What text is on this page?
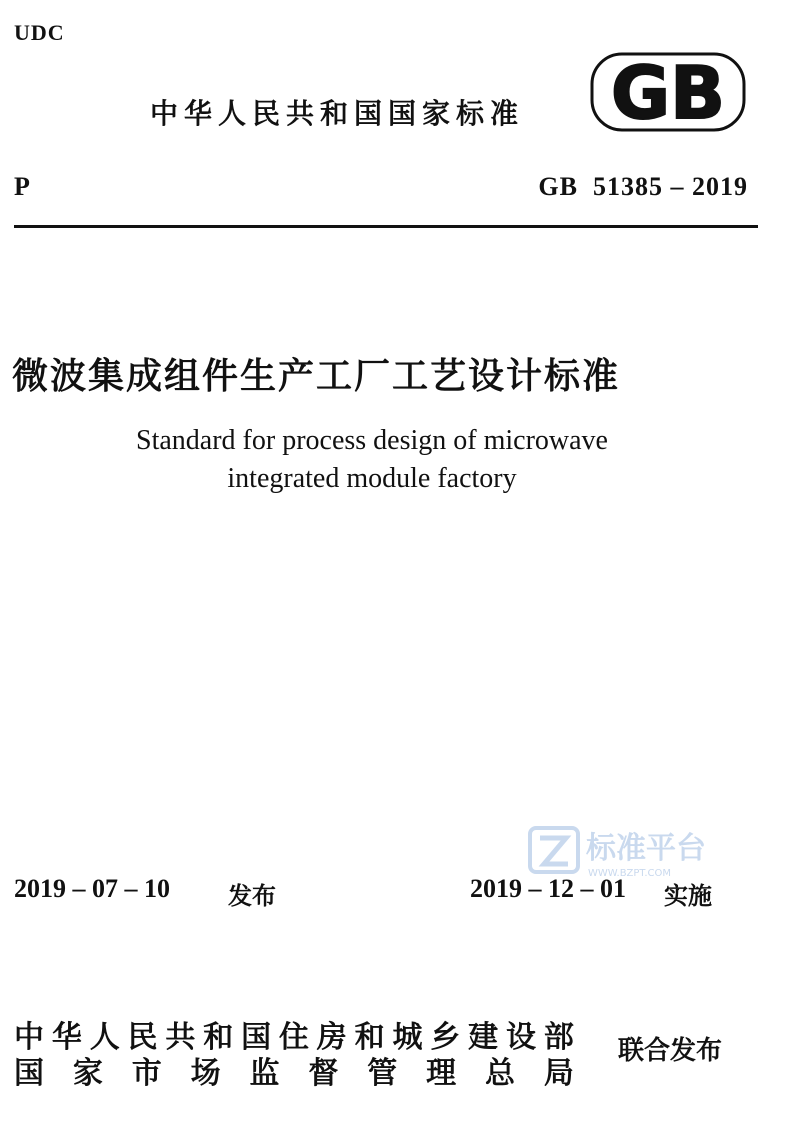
UDC
中华人民共和国国家标准 GB
P	GB  51385 – 2019
微波集成组件生产工厂工艺设计标准
Standard for process design of microwave
integrated module factory
标准平台
WWW.BZPT.COM
2019 – 07 – 10 发布	2019 – 12 – 01 实施
中 华 人 民 共 和 国 住 房 和 城 乡 建 设 部
国 家 市 场 监 督 管 理 总 局
联合发布
